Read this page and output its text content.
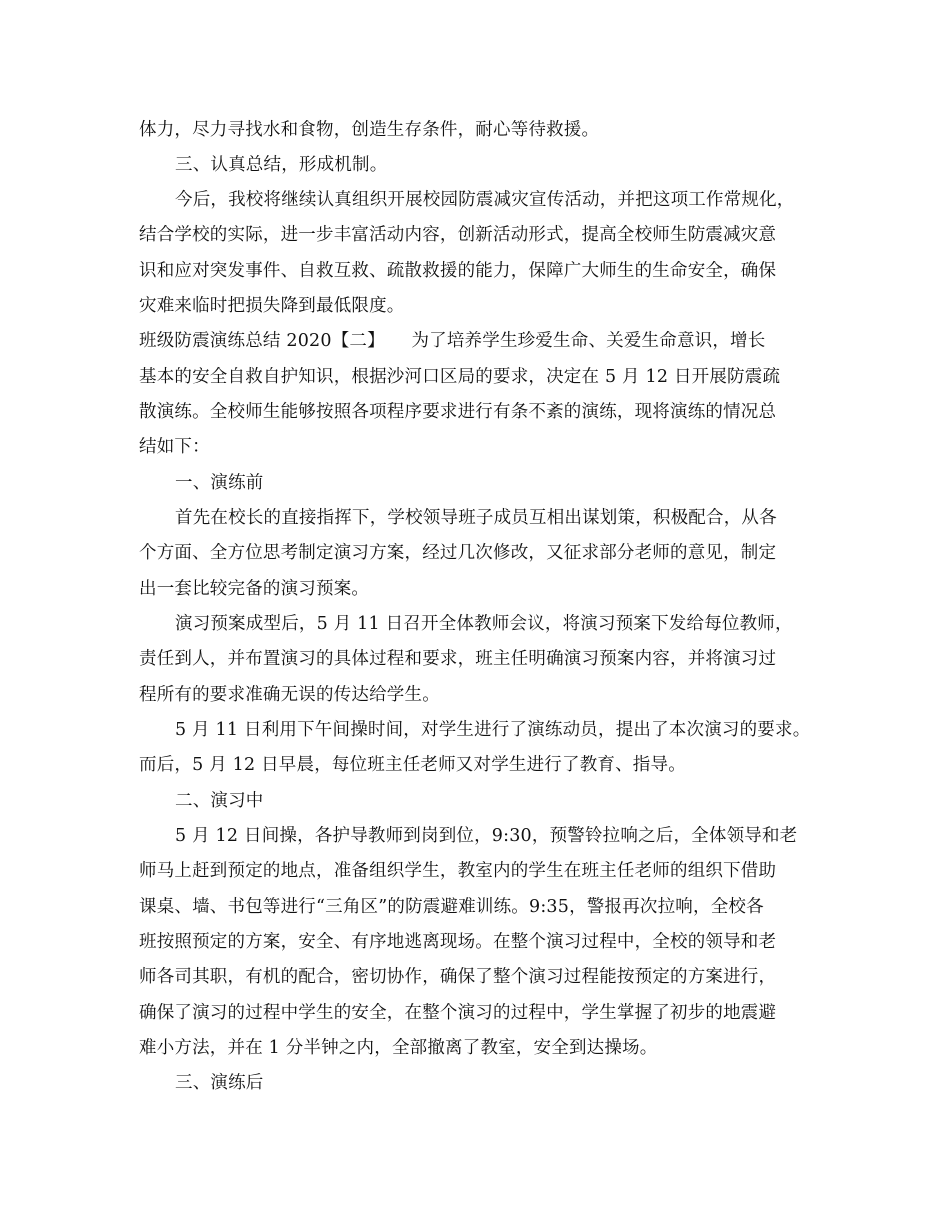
体力，尽力寻找水和食物，创造生存条件，耐心等待救援。

三、认真总结，形成机制。

今后，我校将继续认真组织开展校园防震减灾宣传活动，并把这项工作常规化，

结合学校的实际，进一步丰富活动内容，创新活动形式，提高全校师生防震减灾意

识和应对突发事件、自救互救、疏散救援的能力，保障广大师生的生命安全，确保

灾难来临时把损失降到最低限度。

班级防震演练总结 2020【二】　　为了培养学生珍爱生命、关爱生命意识，增长

基本的安全自救自护知识，根据沙河口区局的要求，决定在 5 月 12 日开展防震疏

散演练。全校师生能够按照各项程序要求进行有条不紊的演练，现将演练的情况总

结如下：

一、演练前

首先在校长的直接指挥下，学校领导班子成员互相出谋划策，积极配合，从各

个方面、全方位思考制定演习方案，经过几次修改，又征求部分老师的意见，制定

出一套比较完备的演习预案。

演习预案成型后，5 月 11 日召开全体教师会议，将演习预案下发给每位教师，

责任到人，并布置演习的具体过程和要求，班主任明确演习预案内容，并将演习过

程所有的要求准确无误的传达给学生。

5 月 11 日利用下午间操时间，对学生进行了演练动员，提出了本次演习的要求。

而后，5 月 12 日早晨，每位班主任老师又对学生进行了教育、指导。

二、演习中

5 月 12 日间操，各护导教师到岗到位，9:30，预警铃拉响之后，全体领导和老

师马上赶到预定的地点，准备组织学生，教室内的学生在班主任老师的组织下借助

课桌、墙、书包等进行“三角区”的防震避难训练。9:35，警报再次拉响，全校各

班按照预定的方案，安全、有序地逃离现场。在整个演习过程中，全校的领导和老

师各司其职，有机的配合，密切协作，确保了整个演习过程能按预定的方案进行，

确保了演习的过程中学生的安全，在整个演习的过程中，学生掌握了初步的地震避

难小方法，并在 1 分半钟之内，全部撤离了教室，安全到达操场。

三、演练后
